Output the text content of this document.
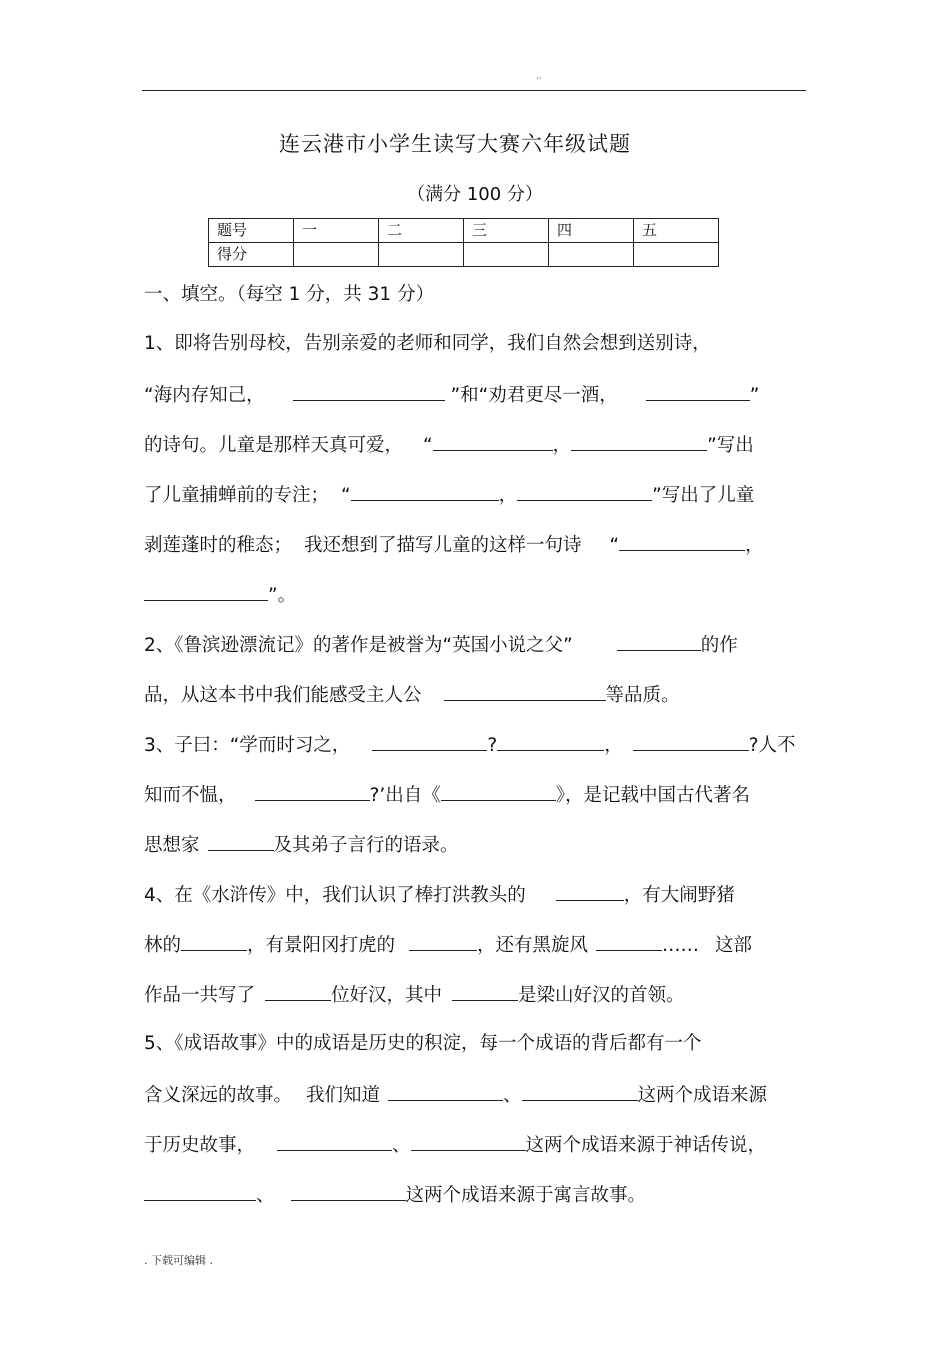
··
连云港市小学生读写大赛六年级试题
（满分 100 分）
题号	一	二	三	四	五
得分					
一、填空。（每空 1 分，共 31 分）
1、即将告别母校，告别亲爱的老师和同学，我们自然会想到送别诗，
“海内存知己，	”和“劝君更尽一酒，	”
的诗句。儿童是那样天真可爱， “	，	”写出
了儿童捕蝉前的专注； “	，	”写出了儿童
剥莲蓬时的稚态； 我还想到了描写儿童的这样一句诗 “	，
”。
2、《鲁滨逊漂流记》的著作是被誉为“英国小说之父”	的作
品，从这本书中我们能感受主人公	等品质。
3、子曰：“学而时习之，	?	，	?人不
知而不愠，	?’出自《	》，是记载中国古代著名
思想家	及其弟子言行的语录。
4、在《水浒传》中，我们认识了棒打洪教头的	，有大闹野猪
林的	，有景阳冈打虎的	，还有黑旋风	…… 这部
作品一共写了	位好汉，其中	是梁山好汉的首领。
5、《成语故事》中的成语是历史的积淀，每一个成语的背后都有一个
含义深远的故事。 我们知道	、	这两个成语来源
于历史故事，	、	这两个成语来源于神话传说，
、	这两个成语来源于寓言故事。
. 下载可编辑 .
